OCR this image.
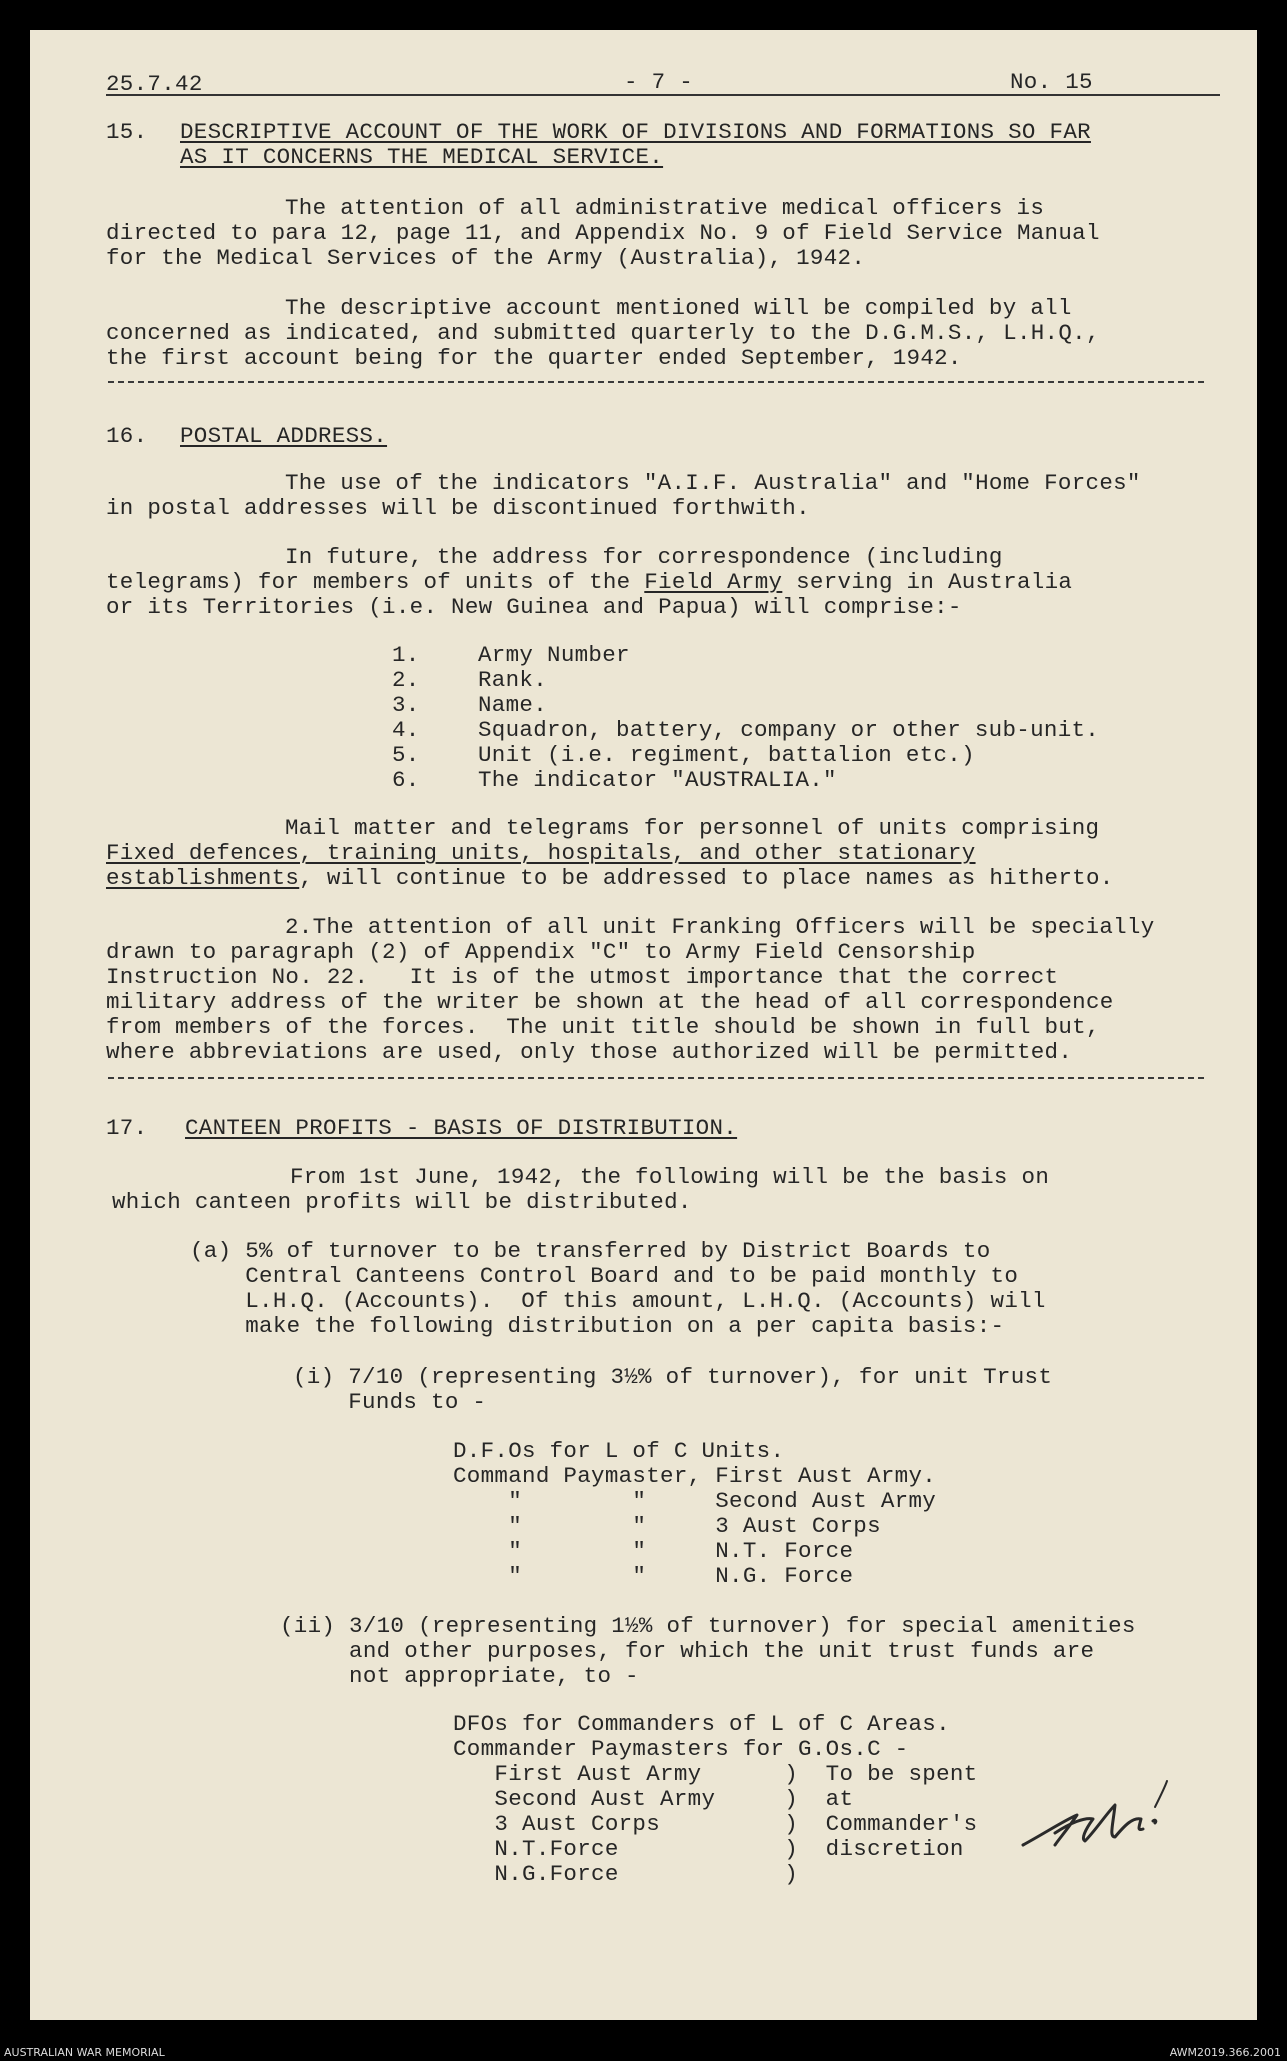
25.7.42	- 7 -	No. 15
15. DESCRIPTIVE ACCOUNT OF THE WORK OF DIVISIONS AND FORMATIONS SO FAR
AS IT CONCERNS THE MEDICAL SERVICE.
The attention of all administrative medical officers is
directed to para 12, page 11, and Appendix No. 9 of Field Service Manual
for the Medical Services of the Army (Australia), 1942.
The descriptive account mentioned will be compiled by all
concerned as indicated, and submitted quarterly to the D.G.M.S., L.H.Q.,
the first account being for the quarter ended September, 1942.
16. POSTAL ADDRESS.
The use of the indicators "A.I.F. Australia" and "Home Forces"
in postal addresses will be discontinued forthwith.
In future, the address for correspondence (including
telegrams) for members of units of the Field Army serving in Australia
or its Territories (i.e. New Guinea and Papua) will comprise:-
1.	Army Number
2.	Rank.
3.	Name.
4.	Squadron, battery, company or other sub-unit.
5.	Unit (i.e. regiment, battalion etc.)
6.	The indicator "AUSTRALIA."
Mail matter and telegrams for personnel of units comprising
Fixed defences, training units, hospitals, and other stationary
establishments, will continue to be addressed to place names as hitherto.
2.The attention of all unit Franking Officers will be specially
drawn to paragraph (2) of Appendix "C" to Army Field Censorship
Instruction No. 22.   It is of the utmost importance that the correct
military address of the writer be shown at the head of all correspondence
from members of the forces.  The unit title should be shown in full but,
where abbreviations are used, only those authorized will be permitted.
17. CANTEEN PROFITS - BASIS OF DISTRIBUTION.
From 1st June, 1942, the following will be the basis on
which canteen profits will be distributed.
(a) 5% of turnover to be transferred by District Boards to
Central Canteens Control Board and to be paid monthly to
L.H.Q. (Accounts).  Of this amount, L.H.Q. (Accounts) will
make the following distribution on a per capita basis:-
(i) 7/10 (representing 3½% of turnover), for unit Trust
Funds to -
D.F.Os for L of C Units.
Command Paymaster, First Aust Army.
"        "     Second Aust Army
"        "     3 Aust Corps
"        "     N.T. Force
"        "     N.G. Force
(ii) 3/10 (representing 1½% of turnover) for special amenities
and other purposes, for which the unit trust funds are
not appropriate, to -
DFOs for Commanders of L of C Areas.
Commander Paymasters for G.Os.C -
First Aust Army      )  To be spent
Second Aust Army     )  at
3 Aust Corps         )  Commander's
N.T.Force            )  discretion
N.G.Force            )
AUSTRALIAN WAR MEMORIAL	AWM2019.366.2001
